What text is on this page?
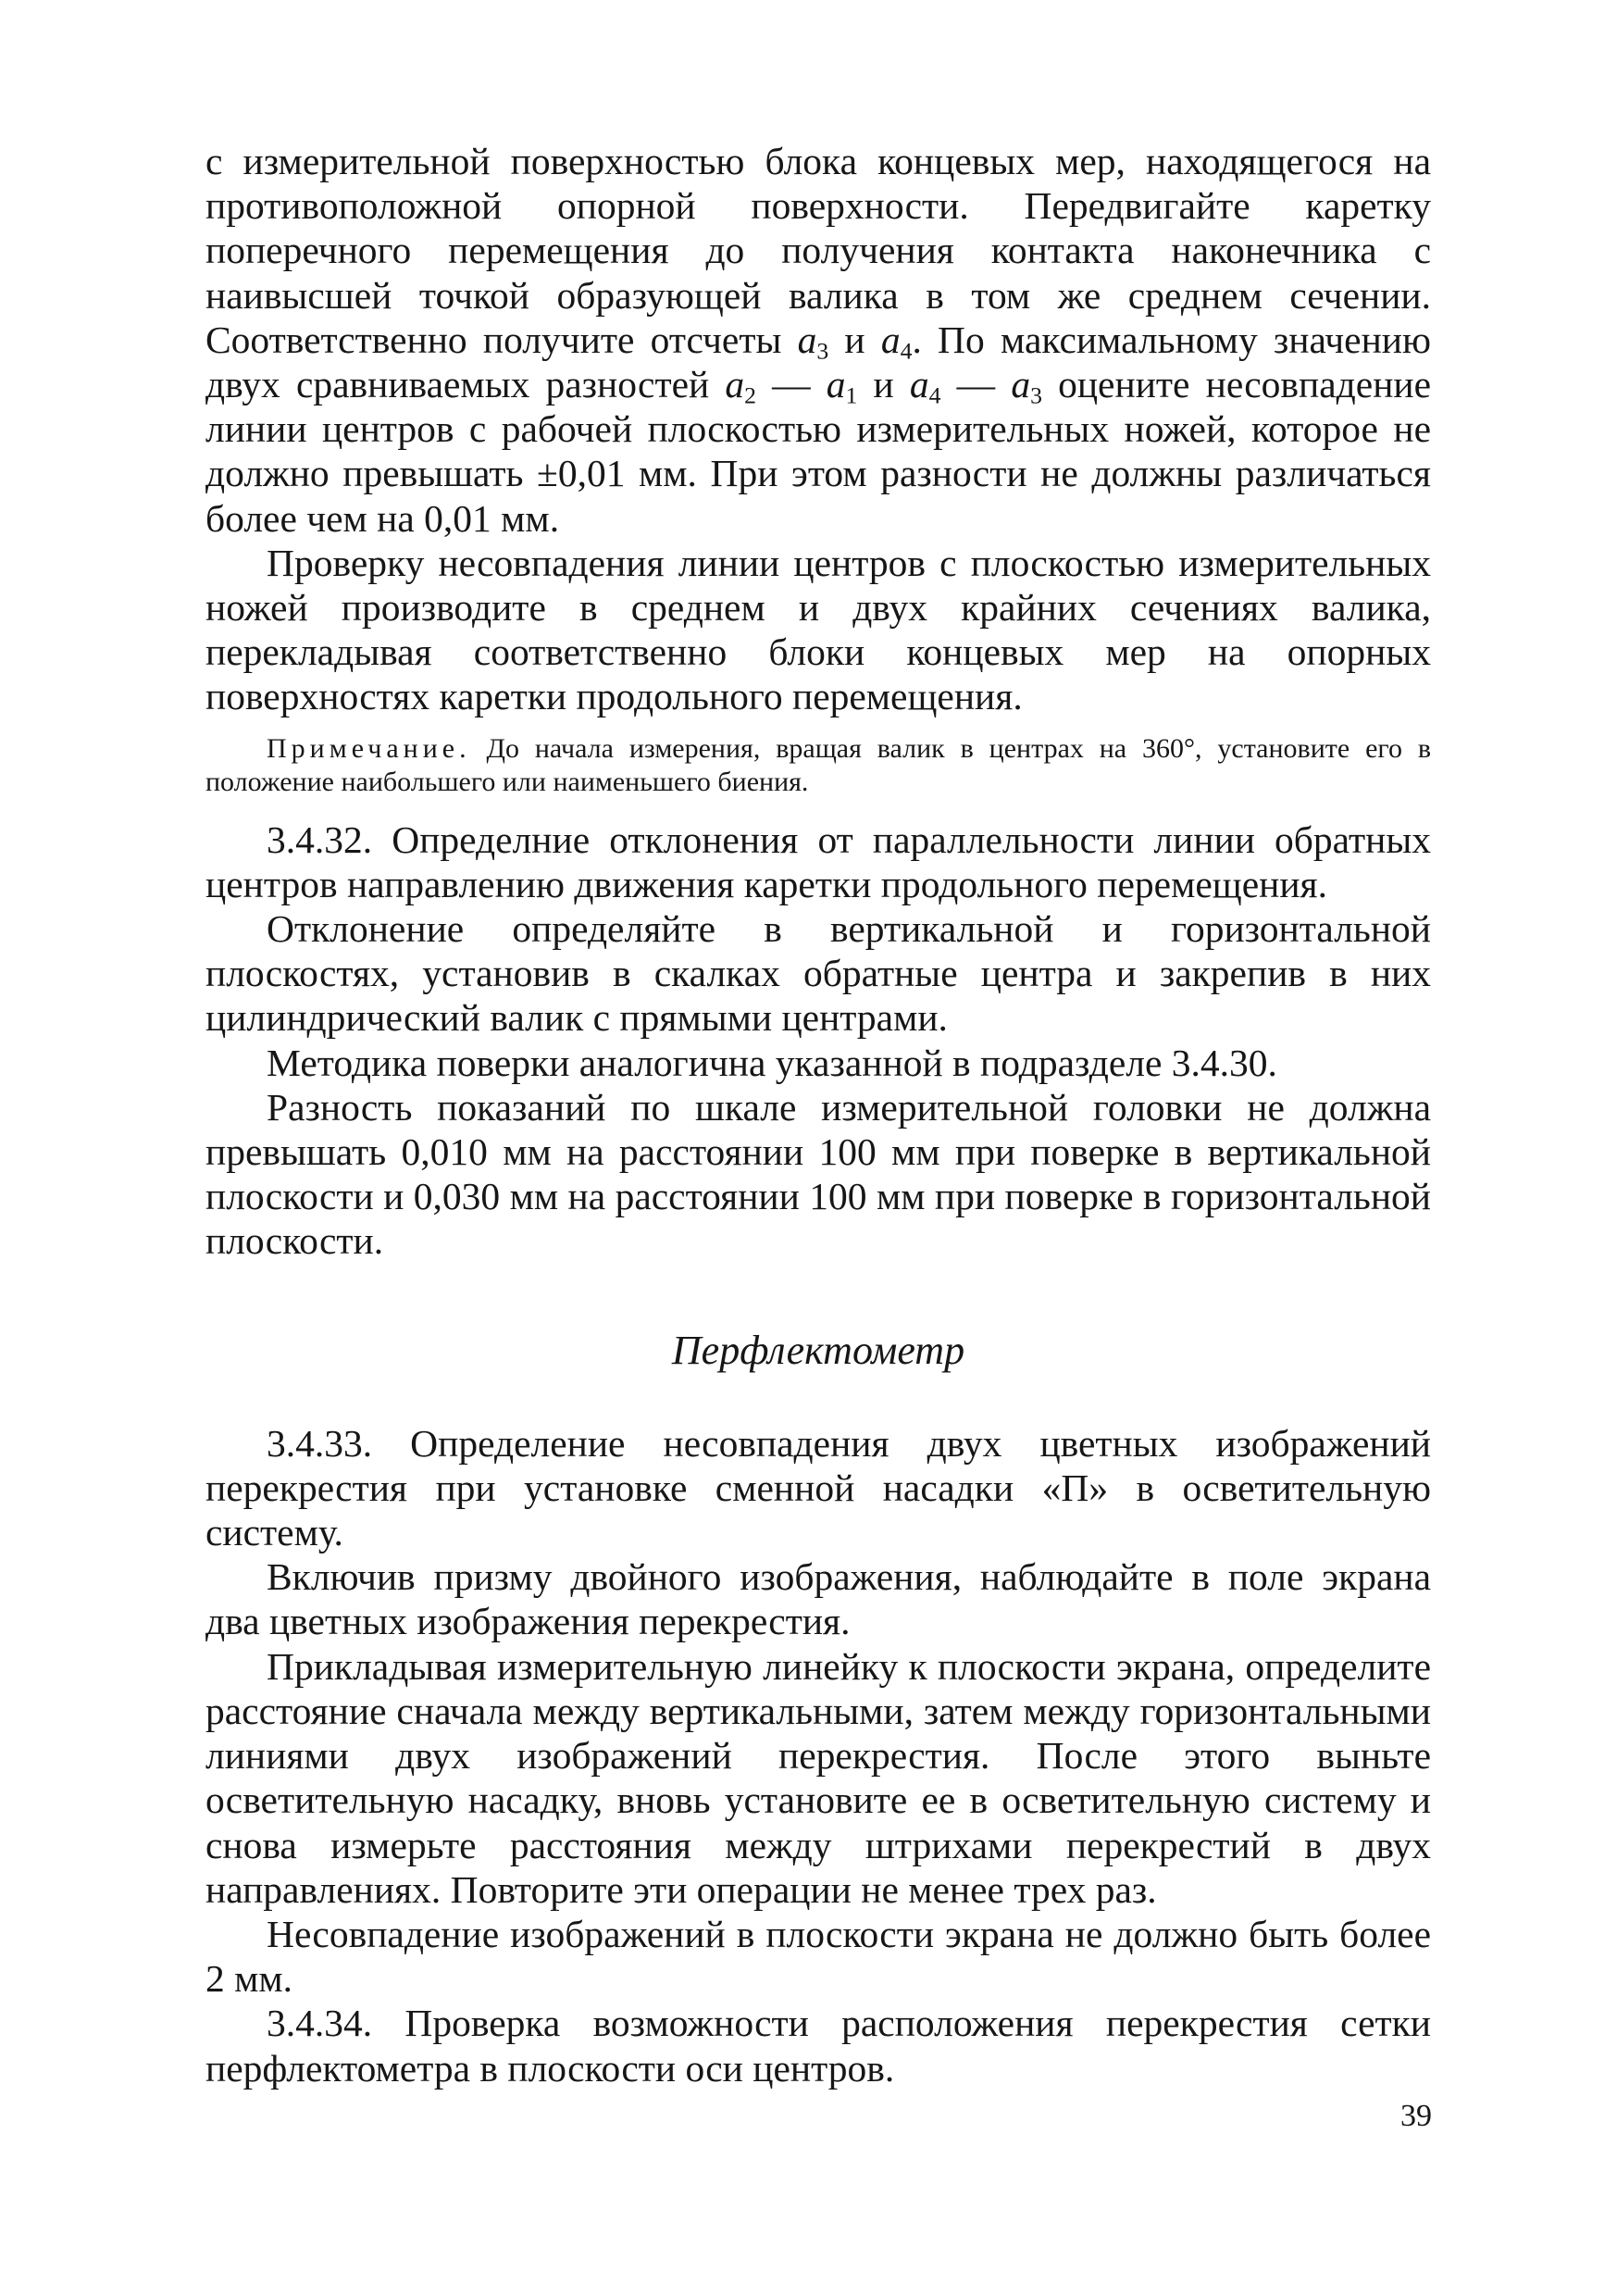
с измерительной поверхностью блока концевых мер, находящегося на противоположной опорной поверхности. Передвигайте каретку поперечного перемещения до получения контакта наконечника с наивысшей точкой образующей валика в том же среднем сечении. Соответственно получите отсчеты $a_3$ и $a_4$. По максимальному значению двух сравниваемых разностей $a_2$ — $a_1$ и $a_4$ — $a_3$ оцените несовпадение линии центров с рабочей плоскостью измерительных ножей, которое не должно превышать ±0,01 мм. При этом разности не должны различаться более чем на 0,01 мм.

Проверку несовпадения линии центров с плоскостью измерительных ножей производите в среднем и двух крайних сечениях валика, перекладывая соответственно блоки концевых мер на опорных поверхностях каретки продольного перемещения.

Примечание. До начала измерения, вращая валик в центрах на 360°, установите его в положение наибольшего или наименьшего биения.

3.4.32. Определние отклонения от параллельности линии обратных центров направлению движения каретки продольного перемещения.

Отклонение определяйте в вертикальной и горизонтальной плоскостях, установив в скалках обратные центра и закрепив в них цилиндрический валик с прямыми центрами.

Методика поверки аналогична указанной в подразделе 3.4.30.

Разность показаний по шкале измерительной головки не должна превышать 0,010 мм на расстоянии 100 мм при поверке в вертикальной плоскости и 0,030 мм на расстоянии 100 мм при поверке в горизонтальной плоскости.

Перфлектометр

3.4.33. Определение несовпадения двух цветных изображений перекрестия при установке сменной насадки «П» в осветительную систему.

Включив призму двойного изображения, наблюдайте в поле экрана два цветных изображения перекрестия.

Прикладывая измерительную линейку к плоскости экрана, определите расстояние сначала между вертикальными, затем между горизонтальными линиями двух изображений перекрестия. После этого выньте осветительную насадку, вновь установите ее в осветительную систему и снова измерьте расстояния между штрихами перекрестий в двух направлениях. Повторите эти операции не менее трех раз.

Несовпадение изображений в плоскости экрана не должно быть более 2 мм.

3.4.34. Проверка возможности расположения перекрестия сетки перфлектометра в плоскости оси центров.

39
